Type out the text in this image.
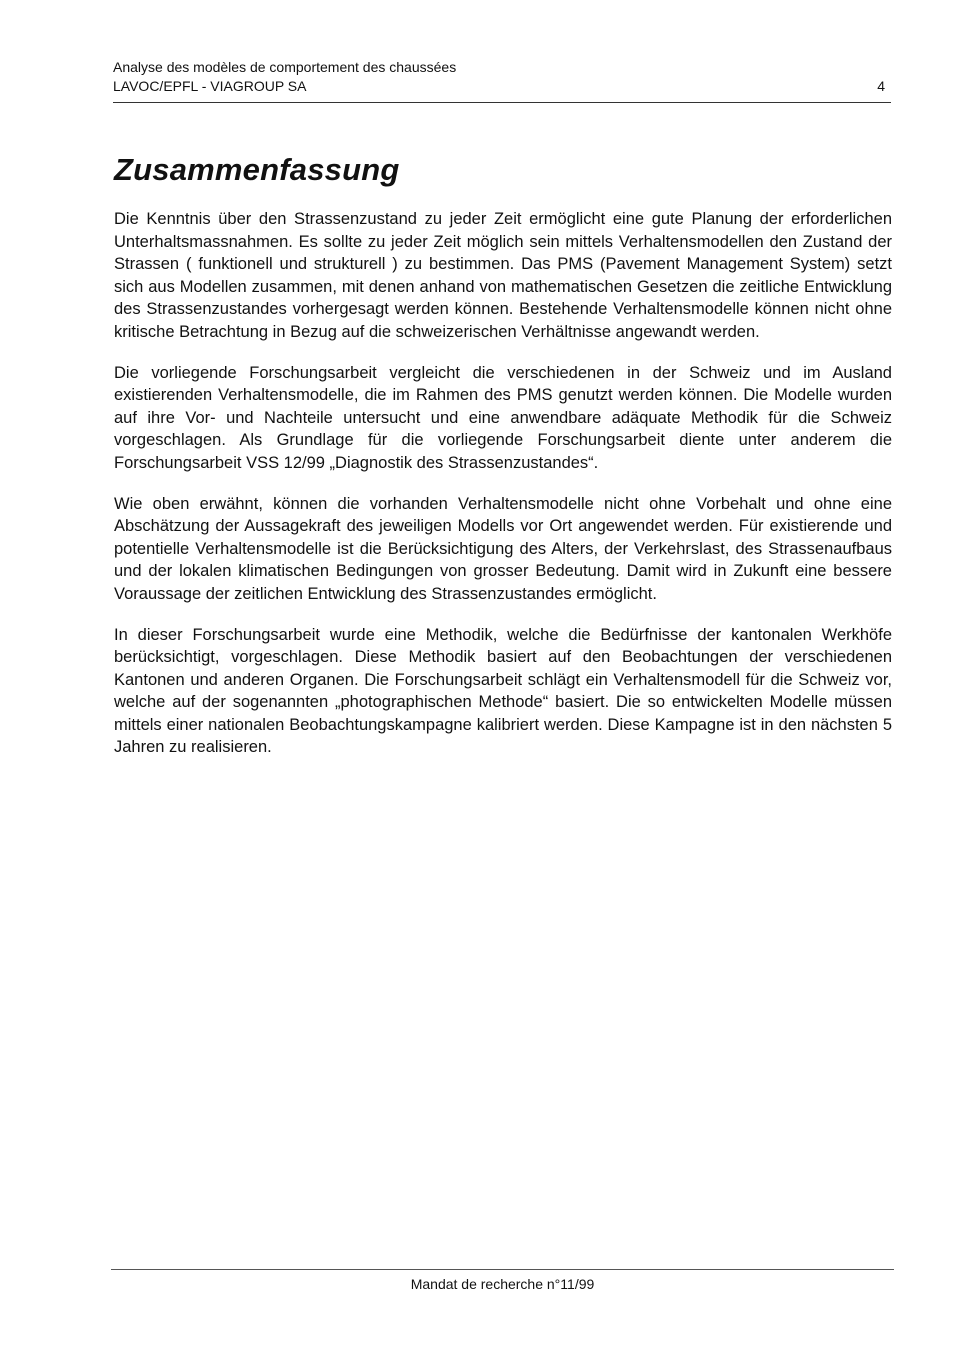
Analyse des modèles de comportement des chaussées
LAVOC/EPFL - VIAGROUP SA	4
Zusammenfassung

Die Kenntnis über den Strassenzustand zu jeder Zeit ermöglicht eine gute Planung der erforderlichen Unterhaltsmassnahmen. Es sollte zu jeder Zeit möglich sein mittels Verhaltensmodellen den Zustand der Strassen ( funktionell und strukturell ) zu bestimmen. Das PMS (Pavement Management System) setzt sich aus Modellen zusammen, mit denen anhand von mathematischen Gesetzen die zeitliche Entwicklung des Strassenzustandes vorhergesagt werden können. Bestehende Verhaltensmodelle können nicht ohne kritische Betrachtung in Bezug auf die schweizerischen Verhältnisse angewandt werden.

Die vorliegende Forschungsarbeit vergleicht die verschiedenen in der Schweiz und im Ausland existierenden Verhaltensmodelle, die im Rahmen des PMS genutzt werden können. Die Modelle wurden auf ihre Vor- und Nachteile untersucht und eine anwendbare adäquate Methodik für die Schweiz vorgeschlagen. Als Grundlage für die vorliegende Forschungsarbeit diente unter anderem die Forschungsarbeit VSS 12/99 „Diagnostik des Strassenzustandes“.

Wie oben erwähnt, können die vorhanden Verhaltensmodelle nicht ohne Vorbehalt und ohne eine Abschätzung der Aussagekraft des jeweiligen Modells vor Ort angewendet werden. Für existierende und potentielle Verhaltensmodelle ist die Berücksichtigung des Alters, der Verkehrslast, des Strassenaufbaus und der lokalen klimatischen Bedingungen von grosser Bedeutung. Damit wird in Zukunft eine bessere Voraussage der zeitlichen Entwicklung des Strassenzustandes ermöglicht.

In dieser Forschungsarbeit wurde eine Methodik, welche die Bedürfnisse der kantonalen Werkhöfe berücksichtigt, vorgeschlagen. Diese Methodik basiert auf den Beobachtungen der verschiedenen Kantonen und anderen Organen. Die Forschungsarbeit schlägt ein Verhaltensmodell für die Schweiz vor, welche auf der sogenannten „photographischen Methode“ basiert. Die so entwickelten Modelle müssen mittels einer nationalen Beobachtungskampagne kalibriert werden. Diese Kampagne ist in den nächsten 5 Jahren zu realisieren.

Mandat de recherche n°11/99
